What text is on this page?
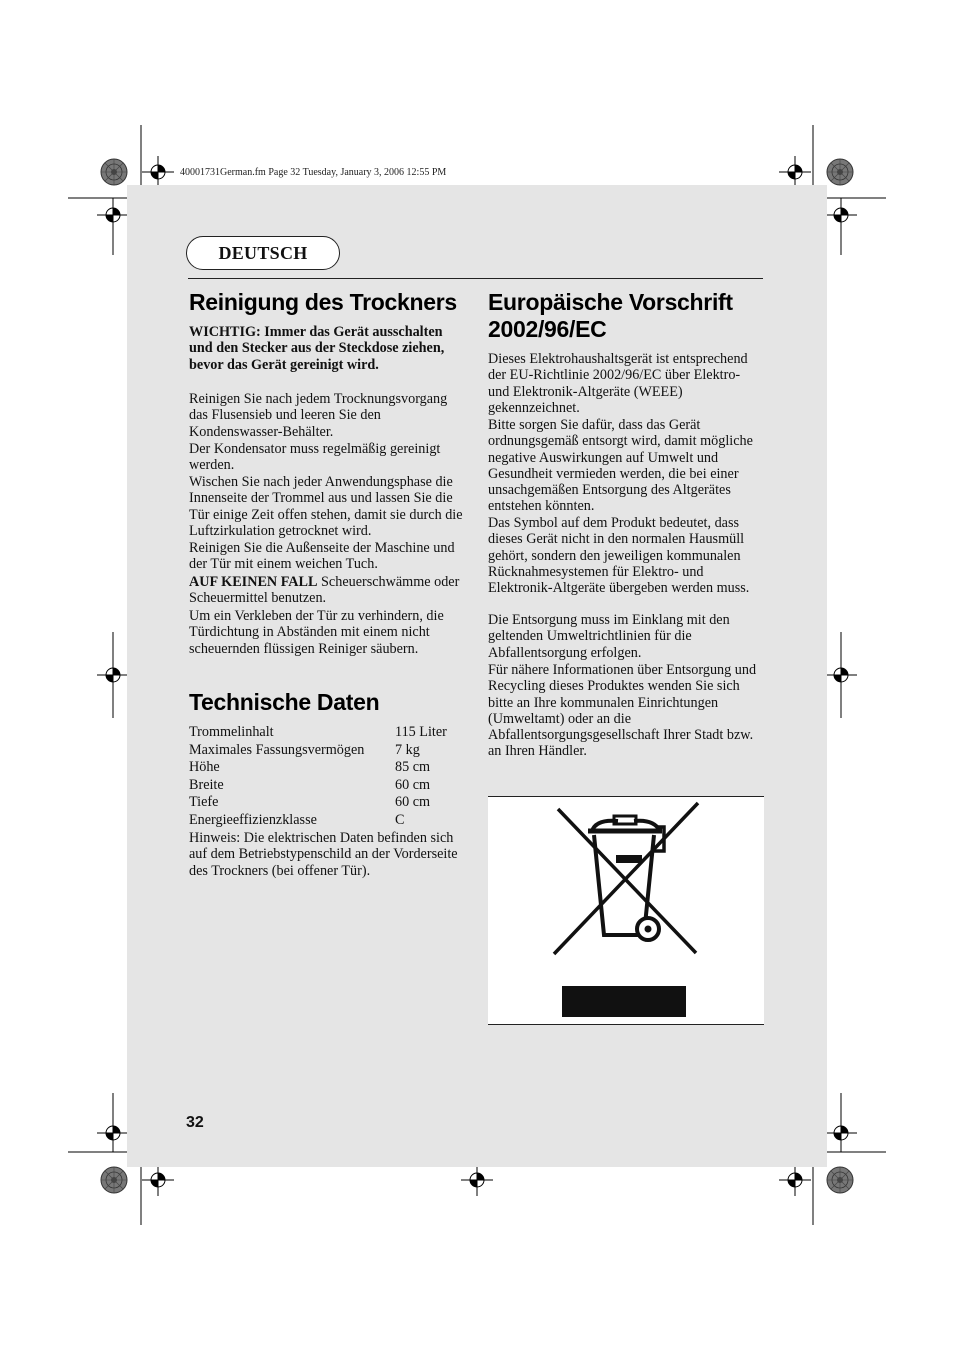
40001731German.fm Page 32 Tuesday, January 3, 2006 12:55 PM
DEUTSCH
Reinigung des Trockners

WICHTIG: Immer das Gerät ausschalten und den Stecker aus der Steckdose ziehen, bevor das Gerät gereinigt wird.

Reinigen Sie nach jedem Trocknungsvorgang das Flusensieb und leeren Sie den Kondenswasser-Behälter.

Der Kondensator muss regelmäßig gereinigt werden.

Wischen Sie nach jeder Anwendungsphase die Innenseite der Trommel aus und lassen Sie die Tür einige Zeit offen stehen, damit sie durch die Luftzirkulation getrocknet wird.

Reinigen Sie die Außenseite der Maschine und der Tür mit einem weichen Tuch.

AUF KEINEN FALL Scheuerschwämme oder Scheuermittel benutzen.

Um ein Verkleben der Tür zu verhindern, die Türdichtung in Abständen mit einem nicht scheuernden flüssigen Reiniger säubern.

Technische Daten
Trommelinhalt	115 Liter
Maximales Fassungsvermögen	7 kg
Höhe	85 cm
Breite	60 cm
Tiefe	60 cm
Energieeffizienzklasse	C

Hinweis: Die elektrischen Daten befinden sich auf dem Betriebstypenschild an der Vorderseite des Trockners (bei offener Tür).

Europäische Vorschrift 2002/96/EC

Dieses Elektrohaushaltsgerät ist entsprechend der EU-Richtlinie 2002/96/EC über Elektro- und Elektronik-Altgeräte (WEEE) gekennzeichnet.

Bitte sorgen Sie dafür, dass das Gerät ordnungsgemäß entsorgt wird, damit mögliche negative Auswirkungen auf Umwelt und Gesundheit vermieden werden, die bei einer unsachgemäßen Entsorgung des Altgerätes entstehen könnten.

Das Symbol auf dem Produkt bedeutet, dass dieses Gerät nicht in den normalen Hausmüll gehört, sondern den jeweiligen kommunalen Rücknahmesystemen für Elektro- und Elektronik-Altgeräte übergeben werden muss.

Die Entsorgung muss im Einklang mit den geltenden Umweltrichtlinien für die Abfallentsorgung erfolgen.

Für nähere Informationen über Entsorgung und Recycling dieses Produktes wenden Sie sich bitte an Ihre kommunalen Einrichtungen (Umweltamt) oder an die Abfallentsorgungsgesellschaft Ihrer Stadt bzw. an Ihren Händler.

32
